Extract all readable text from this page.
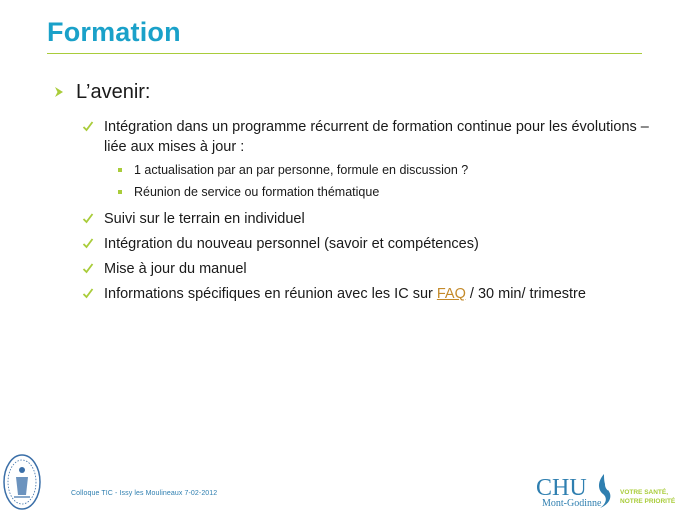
Formation
L’avenir:
Intégration dans un programme récurrent de formation continue pour les évolutions – liée aux mises à jour :
1 actualisation par an par personne, formule en discussion ?
Réunion de service ou formation thématique
Suivi sur le terrain en individuel
Intégration du nouveau personnel (savoir et compétences)
Mise à jour du manuel
Informations spécifiques en réunion avec les IC sur FAQ / 30 min/ trimestre
Colloque TIC - Issy les Moulineaux 7-02-2012	CHU
Mont-Godinne
VOTRE SANTÉ,
NOTRE PRIORITÉ
